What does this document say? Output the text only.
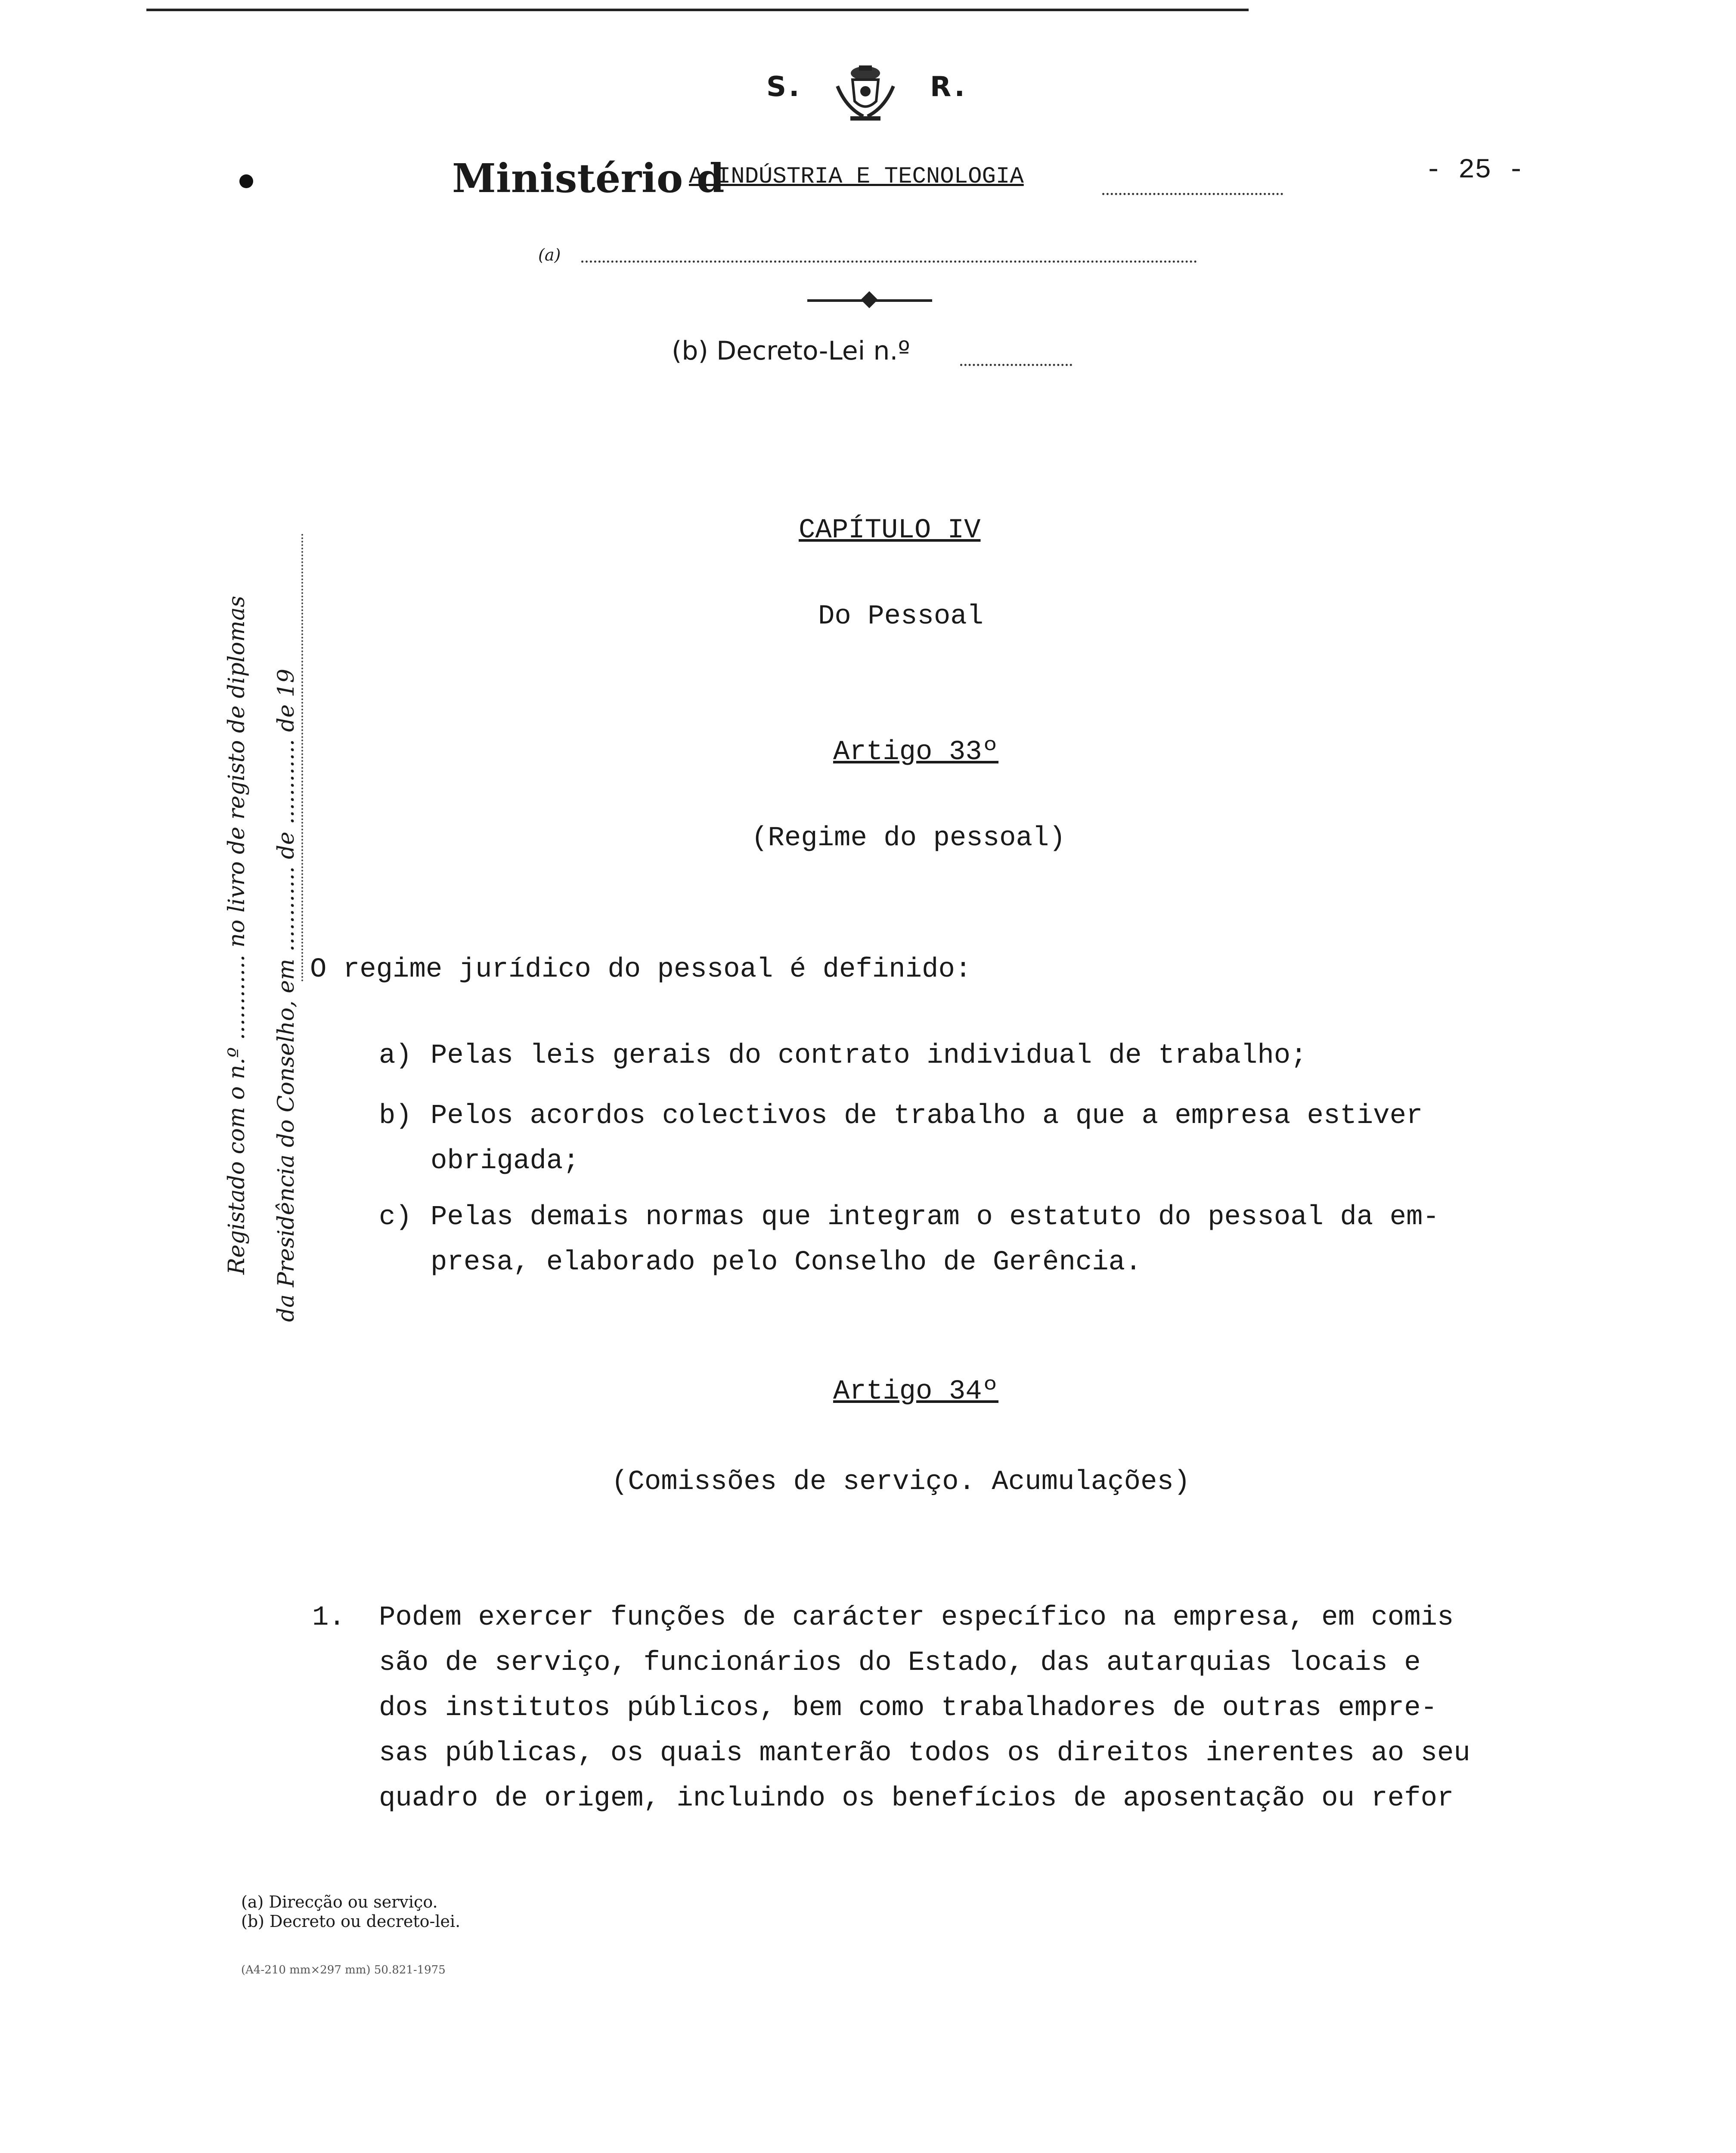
S.	R.
Ministério d
A INDÚSTRIA E TECNOLOGIA	- 25 -
(a)
(b) Decreto-Lei n.º
Registado com o n.º ............ no livro de registo de diplomas da Presidência do Conselho, em ............ de ............ de 19
CAPÍTULO IV
Do Pessoal
Artigo 33º
(Regime do pessoal)
O regime jurídico do pessoal é definido:
a) Pelas leis gerais do contrato individual de trabalho;
b) Pelos acordos colectivos de trabalho a que a empresa estiver
obrigada;
c) Pelas demais normas que integram o estatuto do pessoal da em-
presa, elaborado pelo Conselho de Gerência.
Artigo 34º
(Comissões de serviço. Acumulações)
1. Podem exercer funções de carácter específico na empresa, em comis
são de serviço, funcionários do Estado, das autarquias locais e
dos institutos públicos, bem como trabalhadores de outras empre-
sas públicas, os quais manterão todos os direitos inerentes ao seu
quadro de origem, incluindo os benefícios de aposentação ou refor
(a) Direcção ou serviço.
(b) Decreto ou decreto-lei.
(A4-210 mm×297 mm) 50.821-1975
